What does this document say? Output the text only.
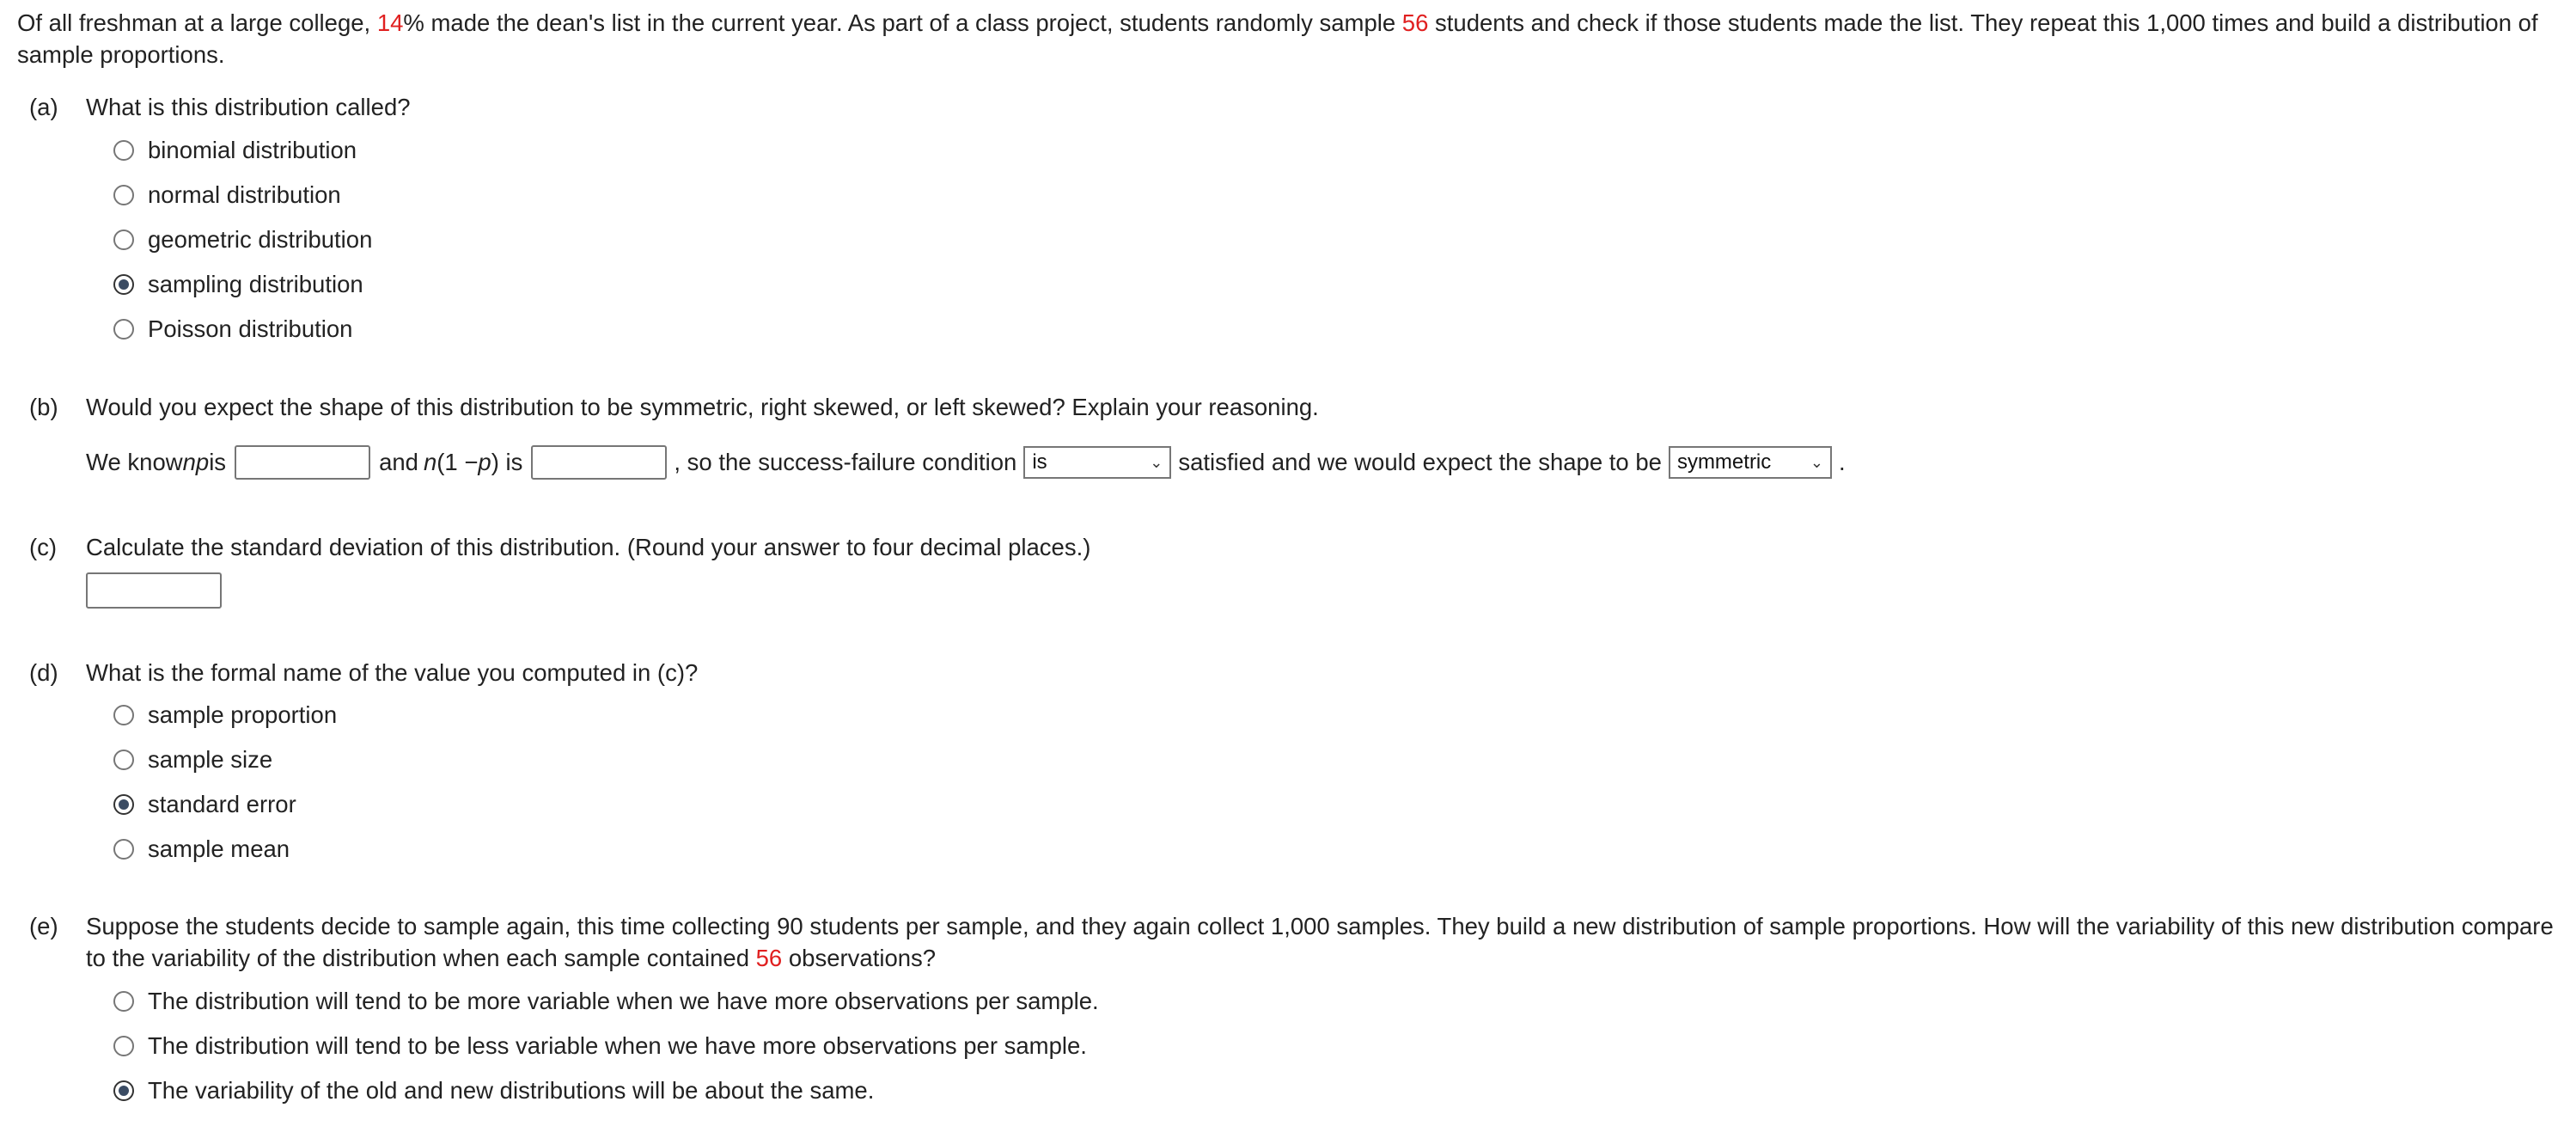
Of all freshman at a large college, 14% made the dean's list in the current year. As part of a class project, students randomly sample 56 students and check if those students made the list. They repeat this 1,000 times and build a distribution of sample proportions.
(a) What is this distribution called?
binomial distribution
normal distribution
geometric distribution
sampling distribution
Poisson distribution
(b) Would you expect the shape of this distribution to be symmetric, right skewed, or left skewed? Explain your reasoning.
We know np is	and n (1 − p ) is	, so the success-failure condition is	⌄ satisfied and we would expect the shape to be symmetric	⌄ .
(c) Calculate the standard deviation of this distribution. (Round your answer to four decimal places.)
(d) What is the formal name of the value you computed in (c)?
sample proportion
sample size
standard error
sample mean
(e)	Suppose the students decide to sample again, this time collecting 90 students per sample, and they again collect 1,000 samples. They build a new distribution of sample proportions. How will the variability of this new distribution compare to the variability of the distribution when each sample contained 56 observations?
The distribution will tend to be more variable when we have more observations per sample.
The distribution will tend to be less variable when we have more observations per sample.
The variability of the old and new distributions will be about the same.
